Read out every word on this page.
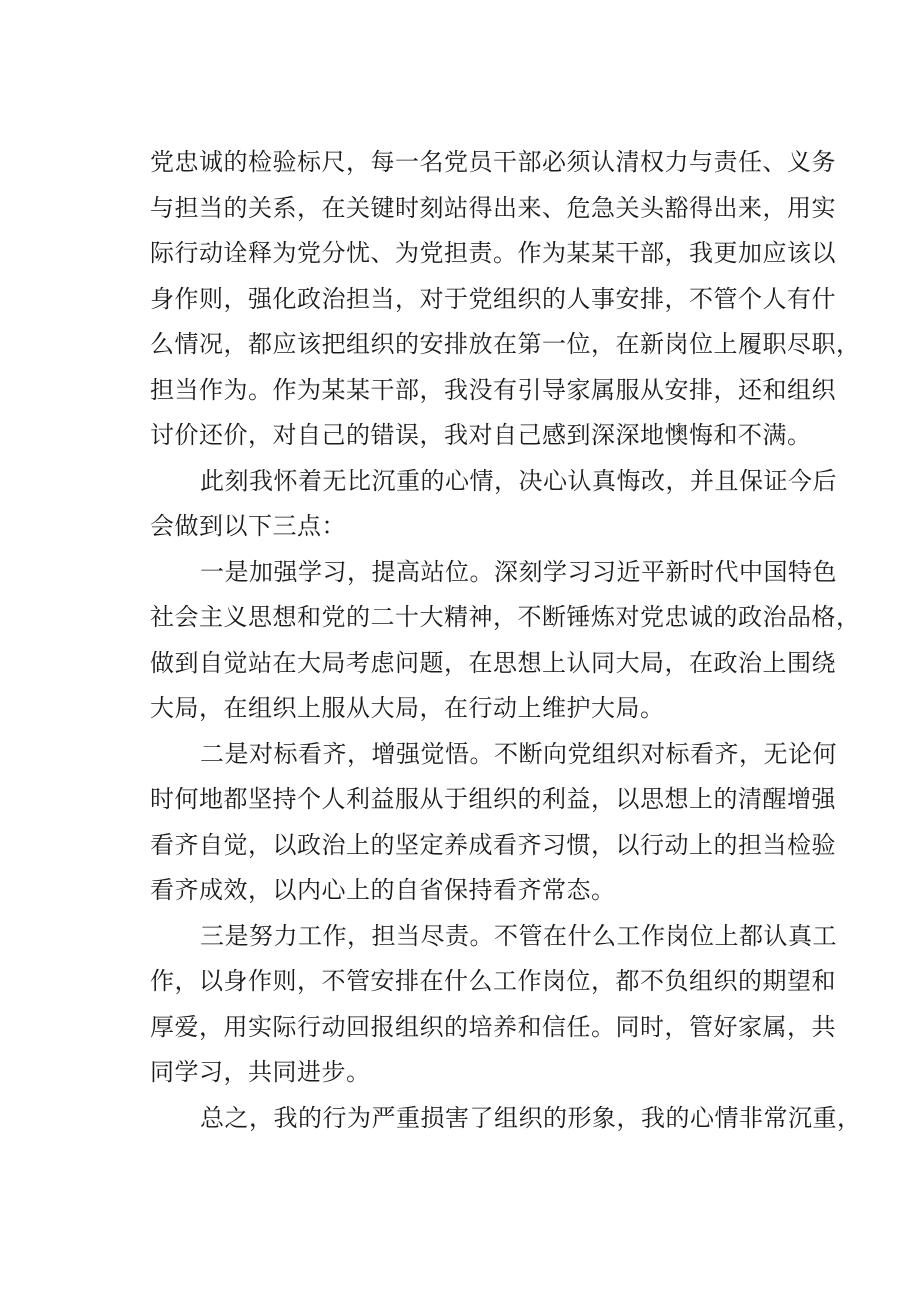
党忠诚的检验标尺，每一名党员干部必须认清权力与责任、义务
与担当的关系，在关键时刻站得出来、危急关头豁得出来，用实
际行动诠释为党分忧、为党担责。作为某某干部，我更加应该以
身作则，强化政治担当，对于党组织的人事安排，不管个人有什
么情况，都应该把组织的安排放在第一位，在新岗位上履职尽职，
担当作为。作为某某干部，我没有引导家属服从安排，还和组织
讨价还价，对自己的错误，我对自己感到深深地懊悔和不满。

此刻我怀着无比沉重的心情，决心认真悔改，并且保证今后
会做到以下三点：

一是加强学习，提高站位。深刻学习习近平新时代中国特色
社会主义思想和党的二十大精神，不断锤炼对党忠诚的政治品格，
做到自觉站在大局考虑问题，在思想上认同大局，在政治上围绕
大局，在组织上服从大局，在行动上维护大局。

二是对标看齐，增强觉悟。不断向党组织对标看齐，无论何
时何地都坚持个人利益服从于组织的利益，以思想上的清醒增强
看齐自觉，以政治上的坚定养成看齐习惯，以行动上的担当检验
看齐成效，以内心上的自省保持看齐常态。

三是努力工作，担当尽责。不管在什么工作岗位上都认真工
作，以身作则，不管安排在什么工作岗位，都不负组织的期望和
厚爱，用实际行动回报组织的培养和信任。同时，管好家属，共
同学习，共同进步。

总之，我的行为严重损害了组织的形象，我的心情非常沉重，
